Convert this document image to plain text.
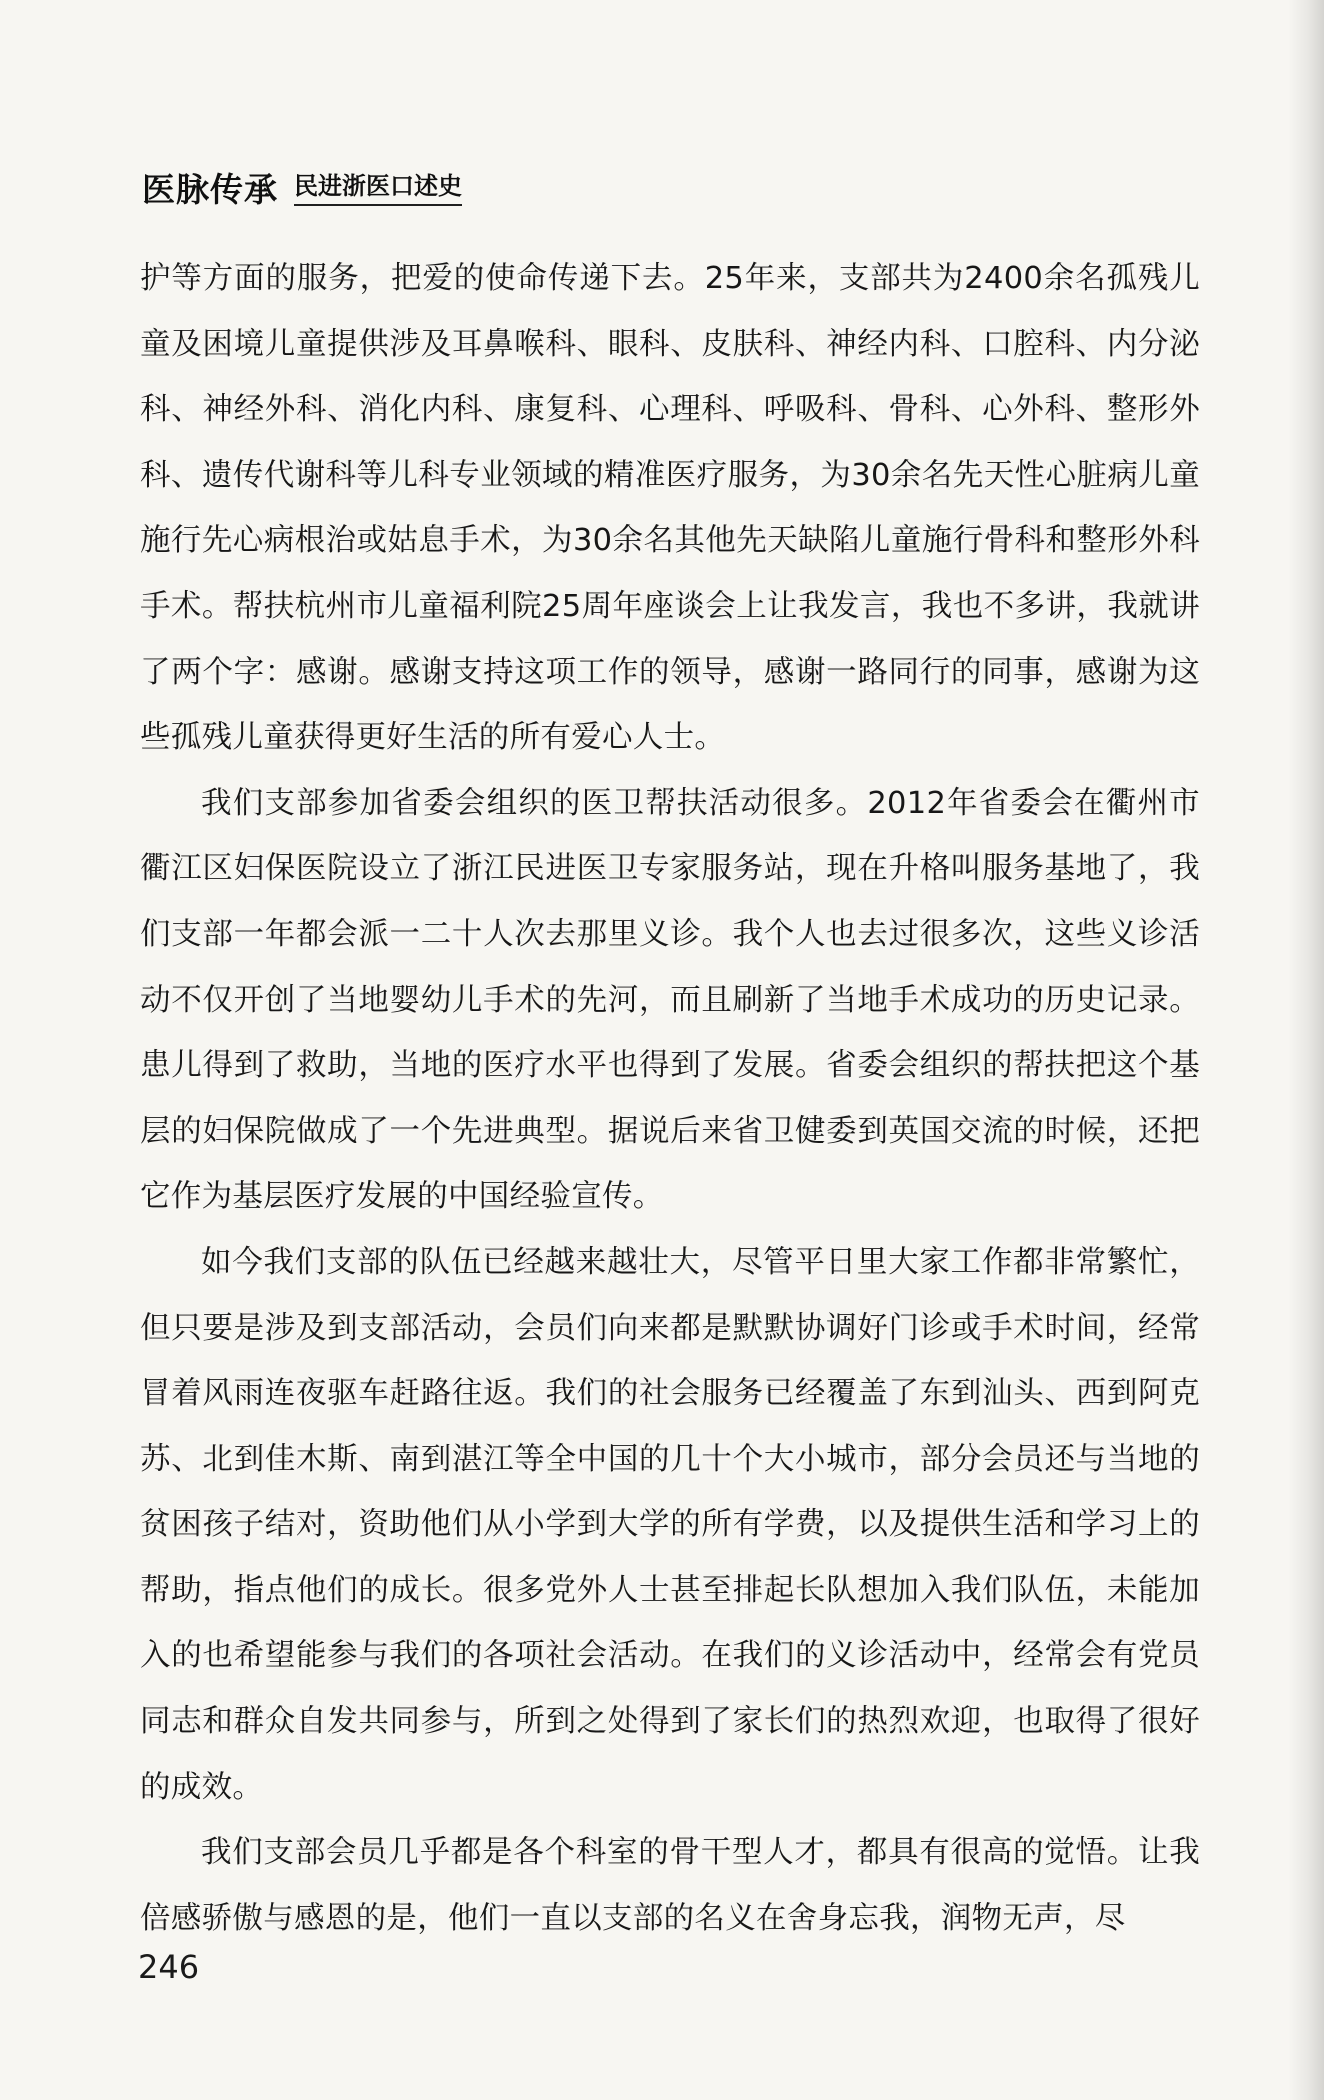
医脉传承 民进浙医口述史

护等方面的服务，把爱的使命传递下去。25年来，支部共为2400余名孤残儿童及困境儿童提供涉及耳鼻喉科、眼科、皮肤科、神经内科、口腔科、内分泌科、神经外科、消化内科、康复科、心理科、呼吸科、骨科、心外科、整形外科、遗传代谢科等儿科专业领域的精准医疗服务，为30余名先天性心脏病儿童施行先心病根治或姑息手术，为30余名其他先天缺陷儿童施行骨科和整形外科手术。帮扶杭州市儿童福利院25周年座谈会上让我发言，我也不多讲，我就讲了两个字：感谢。感谢支持这项工作的领导，感谢一路同行的同事，感谢为这些孤残儿童获得更好生活的所有爱心人士。

我们支部参加省委会组织的医卫帮扶活动很多。2012年省委会在衢州市衢江区妇保医院设立了浙江民进医卫专家服务站，现在升格叫服务基地了，我们支部一年都会派一二十人次去那里义诊。我个人也去过很多次，这些义诊活动不仅开创了当地婴幼儿手术的先河，而且刷新了当地手术成功的历史记录。患儿得到了救助，当地的医疗水平也得到了发展。省委会组织的帮扶把这个基层的妇保院做成了一个先进典型。据说后来省卫健委到英国交流的时候，还把它作为基层医疗发展的中国经验宣传。

如今我们支部的队伍已经越来越壮大，尽管平日里大家工作都非常繁忙，但只要是涉及到支部活动，会员们向来都是默默协调好门诊或手术时间，经常冒着风雨连夜驱车赶路往返。我们的社会服务已经覆盖了东到汕头、西到阿克苏、北到佳木斯、南到湛江等全中国的几十个大小城市，部分会员还与当地的贫困孩子结对，资助他们从小学到大学的所有学费，以及提供生活和学习上的帮助，指点他们的成长。很多党外人士甚至排起长队想加入我们队伍，未能加入的也希望能参与我们的各项社会活动。在我们的义诊活动中，经常会有党员同志和群众自发共同参与，所到之处得到了家长们的热烈欢迎，也取得了很好的成效。

我们支部会员几乎都是各个科室的骨干型人才，都具有很高的觉悟。让我倍感骄傲与感恩的是，他们一直以支部的名义在舍身忘我，润物无声，尽

246
